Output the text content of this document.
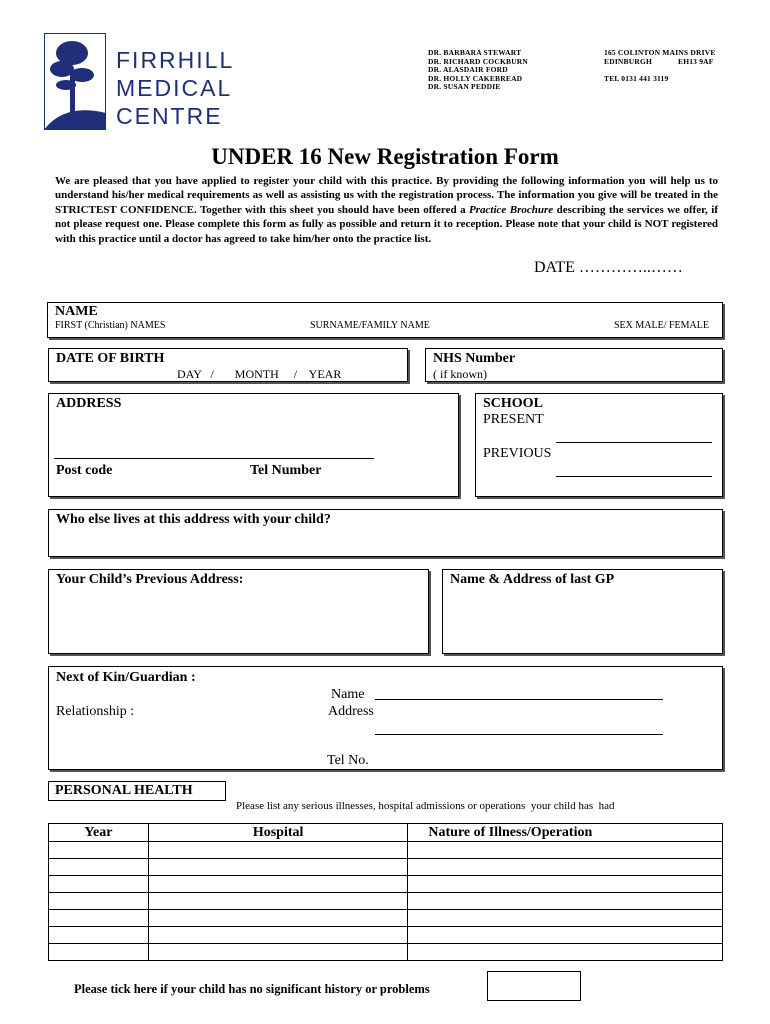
FIRRHILL
MEDICAL
CENTRE
DR. BARBARA STEWART
DR. RICHARD COCKBURN
DR. ALASDAIR FORD
DR. HOLLY CAKEBREAD
DR. SUSAN PEDDIE
165 COLINTON MAINS DRIVE
EDINBURGH	EH13 9AF
TEL 0131 441 3119
UNDER 16 New Registration Form
We are pleased that you have applied to register your child with this practice. By providing the following information you will help us to understand his/her medical requirements as well as assisting us with the registration process. The information you give will be treated in the STRICTEST CONFIDENCE. Together with this sheet you should have been offered a Practice Brochure describing the services we offer, if not please request one. Please complete this form as fully as possible and return it to reception. Please note that your child is NOT registered with this practice until a doctor has agreed to take him/her onto the practice list.
DATE …………..……
NAME
FIRST (Christian) NAMES	SURNAME/FAMILY NAME	SEX MALE/ FEMALE
DATE OF BIRTH
DAY   /       MONTH     /    YEAR
NHS Number
( if known)
ADDRESS
Post code	Tel Number
SCHOOL
PRESENT
PREVIOUS
Who else lives at this address with your child?
Your Child’s Previous Address:	Name & Address of last GP
Next of Kin/Guardian :
Name
Relationship :	Address
Tel No.
PERSONAL HEALTH
Please list any serious illnesses, hospital admissions or operations  your child has  had
Year	Hospital	Nature of Illness/Operation

Please tick here if your child has no significant history or problems
